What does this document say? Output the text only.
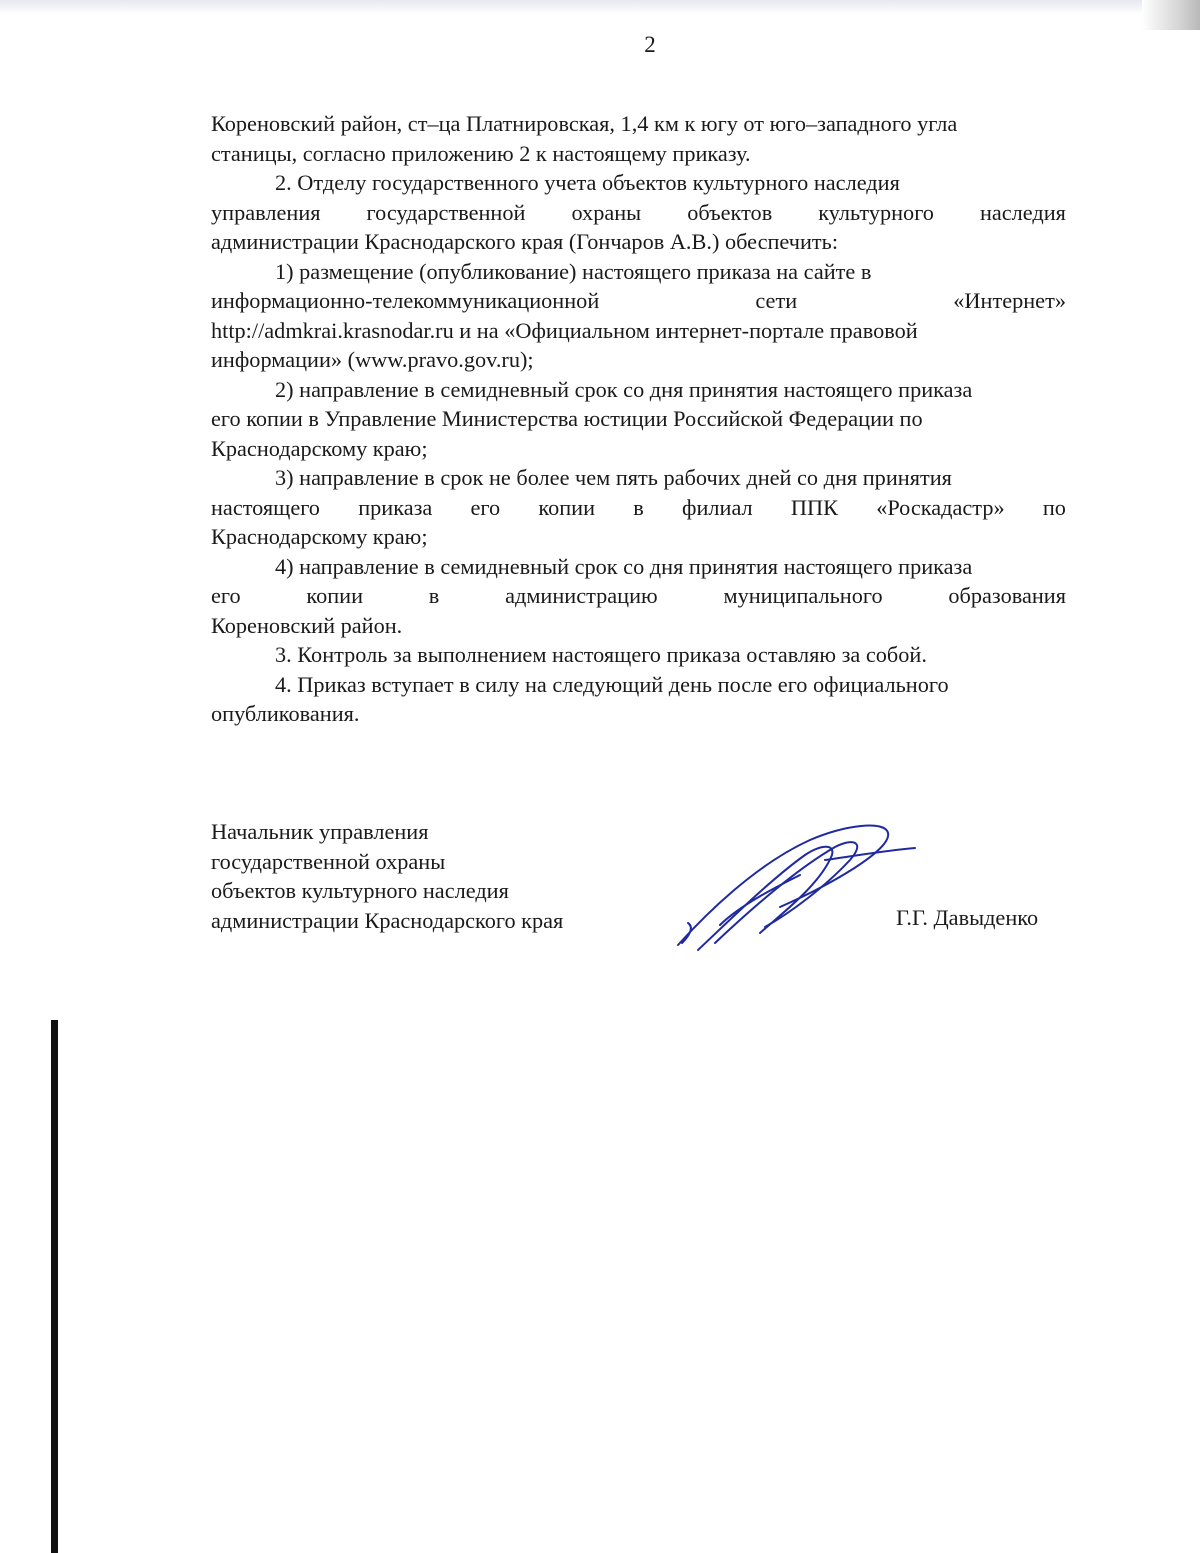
2

Кореновский район, ст–ца Платнировская, 1,4 км к югу от юго–западного угла

станицы, согласно приложению 2 к настоящему приказу.

2. Отделу государственного учета объектов культурного наследия

управления государственной охраны объектов культурного наследия

администрации Краснодарского края (Гончаров А.В.) обеспечить:

1) размещение (опубликование) настоящего приказа на сайте в

информационно-телекоммуникационной	сети	«Интернет»

http://admkrai.krasnodar.ru и на «Официальном интернет-портале правовой

информации» (www.pravo.gov.ru);

2) направление в семидневный срок со дня принятия настоящего приказа

его копии в Управление Министерства юстиции Российской Федерации по

Краснодарскому краю;

3) направление в срок не более чем пять рабочих дней со дня принятия

настоящего приказа его копии в филиал ППК «Роскадастр» по

Краснодарскому краю;

4) направление в семидневный срок со дня принятия настоящего приказа

его	копии	в	администрацию	муниципального	образования

Кореновский район.

3. Контроль за выполнением настоящего приказа оставляю за собой.

4. Приказ вступает в силу на следующий день после его официального

опубликования.

Начальник управления
государственной охраны
объектов культурного наследия
администрации Краснодарского края	Г.Г. Давыденко
